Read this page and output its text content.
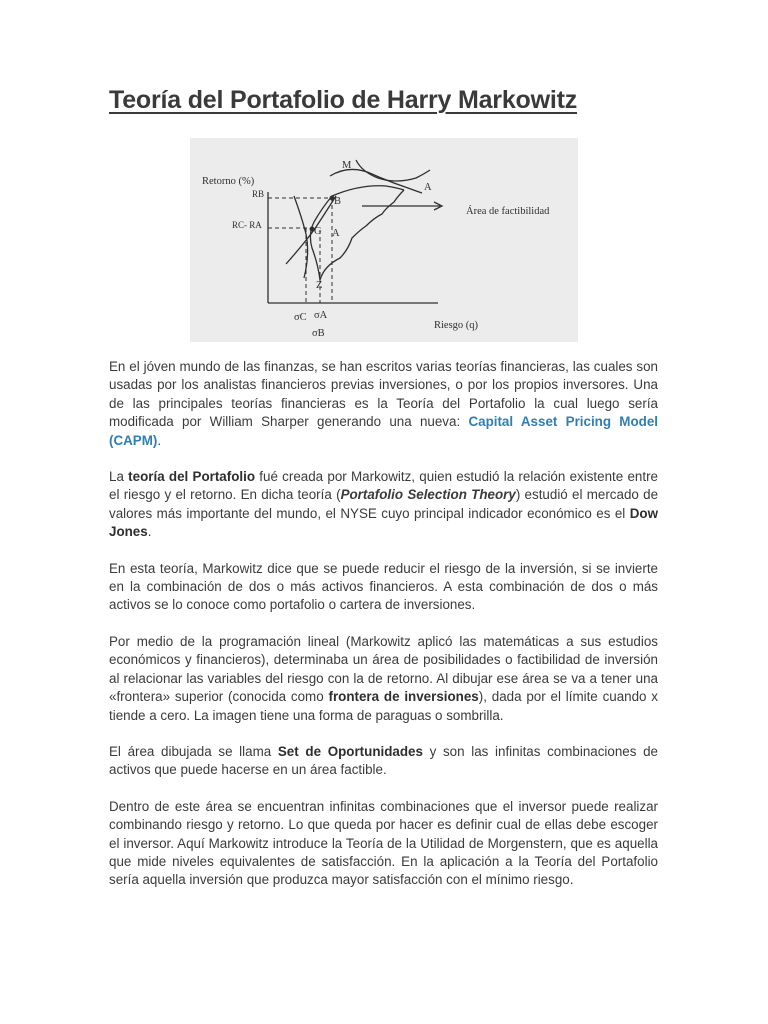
Teoría del Portafolio de Harry Markowitz
Retorno (%)
Riesgo (q)
Área de factibilidad
RB
RC- RA
M
A
B
G A
Z
σC σA
σB

En el jóven mundo de las finanzas, se han escritos varias teorías financieras, las cuales son usadas por los analistas financieros previas inversiones, o por los propios inversores. Una de las principales teorías financieras es la Teoría del Portafolio la cual luego sería modificada por William Sharper generando una nueva: Capital Asset Pricing Model (CAPM).

La teoría del Portafolio fué creada por Markowitz, quien estudió la relación existente entre el riesgo y el retorno. En dicha teoría (Portafolio Selection Theory) estudió el mercado de valores más importante del mundo, el NYSE cuyo principal indicador económico es el Dow Jones.

En esta teoría, Markowitz dice que se puede reducir el riesgo de la inversión, si se invierte en la combinación de dos o más activos financieros. A esta combinación de dos o más activos se lo conoce como portafolio o cartera de inversiones.

Por medio de la programación lineal (Markowitz aplicó las matemáticas a sus estudios económicos y financieros), determinaba un área de posibilidades o factibilidad de inversión al relacionar las variables del riesgo con la de retorno. Al dibujar ese área se va a tener una «frontera» superior (conocida como frontera de inversiones), dada por el límite cuando x tiende a cero. La imagen tiene una forma de paraguas o sombrilla.

El área dibujada se llama Set de Oportunidades y son las infinitas combinaciones de activos que puede hacerse en un área factible.

Dentro de este área se encuentran infinitas combinaciones que el inversor puede realizar combinando riesgo y retorno. Lo que queda por hacer es definir cual de ellas debe escoger el inversor. Aquí Markowitz introduce la Teoría de la Utilidad de Morgenstern, que es aquella que mide niveles equivalentes de satisfacción. En la aplicación a la Teoría del Portafolio sería aquella inversión que produzca mayor satisfacción con el mínimo riesgo.
